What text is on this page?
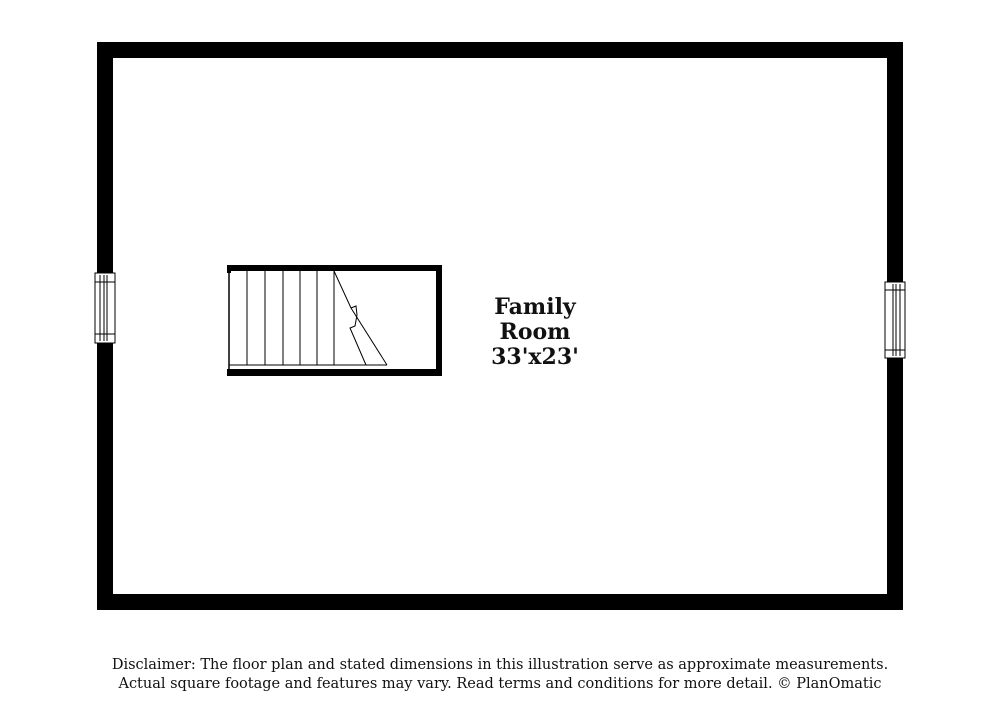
Family
Room
33'x23'
Disclaimer: The floor plan and stated dimensions in this illustration serve as approximate measurements.
Actual square footage and features may vary. Read terms and conditions for more detail. © PlanOmatic
